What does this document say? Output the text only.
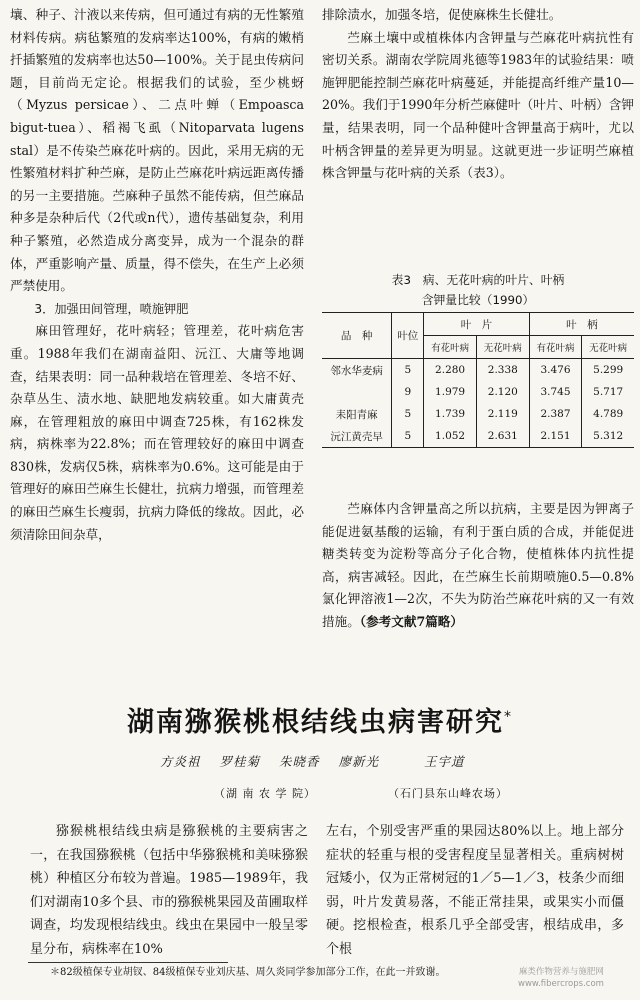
壤、种子、汁液以来传病，但可通过有病的无性繁殖材料传病。病毡繁殖的发病率达100%，有病的嫩梢扦插繁殖的发病率也达50—100%。关于昆虫传病问题，目前尚无定论。根据我们的试验，至少桃蚜（Myzus persicae）、二点叶蝉（Empoasca bigut-tuea）、稻褐飞虱（Nitoparvata lugens stal）是不传染苎麻花叶病的。因此，采用无病的无性繁殖材料扩种苎麻，是防止苎麻花叶病远距离传播的另一主要措施。苎麻种子虽然不能传病，但苎麻品种多是杂种后代（2代或n代），遗传基础复杂，利用种子繁殖，必然造成分离变异，成为一个混杂的群体，严重影响产量、质量，得不偿失，在生产上必须严禁使用。

3．加强田间管理，喷施钾肥

麻田管理好，花叶病轻；管理差，花叶病危害重。1988年我们在湖南益阳、沅江、大庸等地调查，结果表明：同一品种栽培在管理差、冬培不好、杂草丛生、渍水地、缺肥地发病较重。如大庸黄壳麻，在管理粗放的麻田中调查725株，有162株发病，病株率为22.8%；而在管理较好的麻田中调查830株，发病仅5株，病株率为0.6%。这可能是由于管理好的麻田苎麻生长健壮，抗病力增强，而管理差的麻田苎麻生长瘦弱，抗病力降低的缘故。因此，必须清除田间杂草，

排除渍水，加强冬培，促使麻株生长健壮。

苎麻土壤中或植株体内含钾量与苎麻花叶病抗性有密切关系。湖南农学院周兆德等1983年的试验结果：喷施钾肥能控制苎麻花叶病蔓延，并能提高纤维产量10—20%。我们于1990年分析苎麻健叶（叶片、叶柄）含钾量，结果表明，同一个品种健叶含钾量高于病叶，尤以叶柄含钾量的差异更为明显。这就更进一步证明苎麻植株含钾量与花叶病的关系（表3）。

表3　病、无花叶病的叶片、叶柄
含钾量比较（1990）
品　种	叶位	叶　片		叶　柄	
		有花叶病	无花叶病	有花叶病	无花叶病
邻水华麦病	5	2.280	2.338	3.476	5.299
	9	1.979	2.120	3.745	5.717
耒阳青麻	5	1.739	2.119	2.387	4.789
沅江黄壳早	5	1.052	2.631	2.151	5.312

苎麻体内含钾量高之所以抗病，主要是因为钾离子能促进氨基酸的运输，有利于蛋白质的合成，并能促进糖类转变为淀粉等高分子化合物，使植株体内抗性提高，病害减轻。因此，在苎麻生长前期喷施0.5—0.8%氯化钾溶液1—2次，不失为防治苎麻花叶病的又一有效措施。（参考文献7篇略）

湖南猕猴桃根结线虫病害研究*
方炎祖 罗桂菊 朱晓香 廖新光	王宇道
（湖 南 农 学 院）	（石门县东山峰农场）

猕猴桃根结线虫病是猕猴桃的主要病害之一，在我国猕猴桃（包括中华猕猴桃和美味猕猴桃）种植区分布较为普遍。1985—1989年，我们对湖南10多个县、市的猕猴桃果园及苗圃取样调查，均发现根结线虫。线虫在果园中一般呈零星分布，病株率在10%

左右，个别受害严重的果园达80%以上。地上部分症状的轻重与根的受害程度呈显著相关。重病树树冠矮小，仅为正常树冠的1／5—1／3，枝条少而细弱，叶片发黄易落，不能正常挂果，或果实小而僵硬。挖根检查，根系几乎全部受害，根结成串，多个根

＊82级植保专业胡钗、84级植保专业刘庆基、周久炎同学参加部分工作，在此一并致谢。	麻类作物营养与施肥网
www.fibercrops.com
